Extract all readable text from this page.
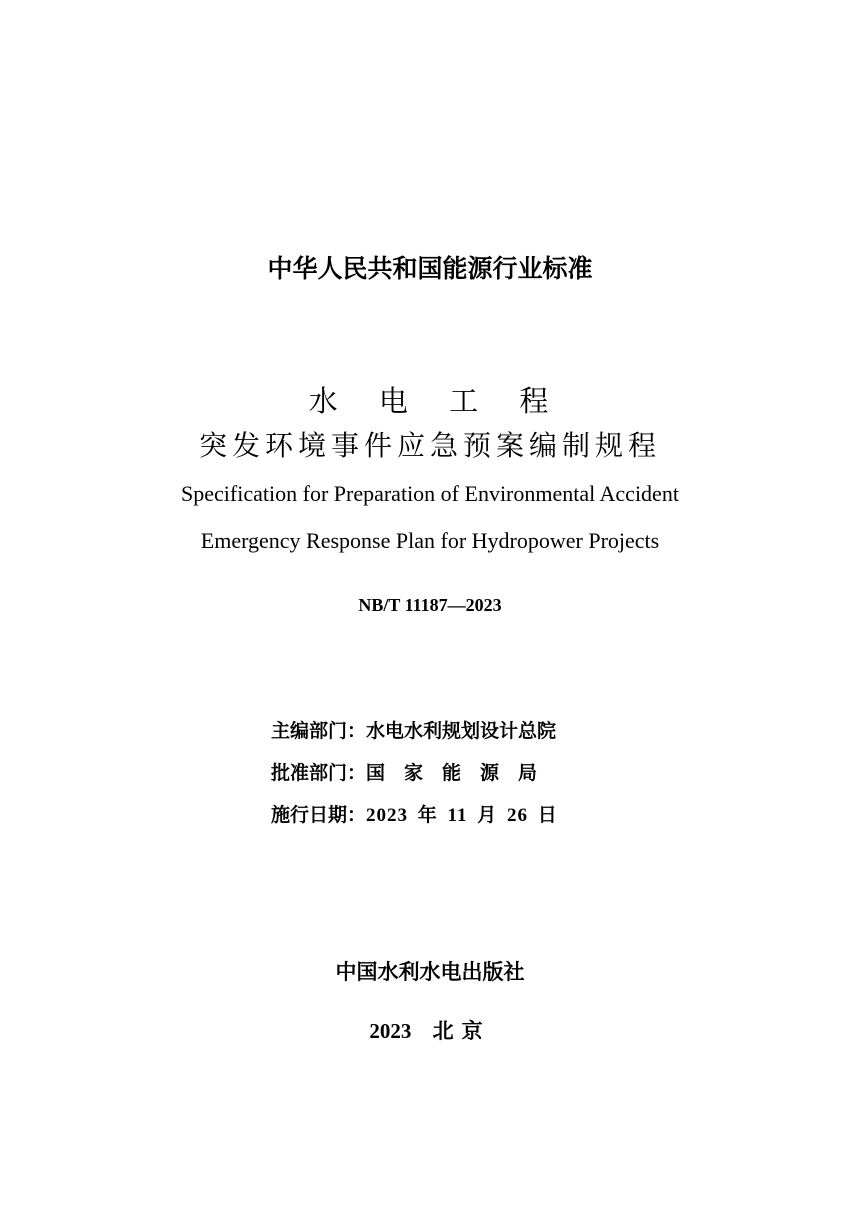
中华人民共和国能源行业标准
水 电 工 程
突发环境事件应急预案编制规程
Specification for Preparation of Environmental Accident
Emergency Response Plan for Hydropower Projects
NB/T 11187—2023
主编部门：水电水利规划设计总院
批准部门：国家能源局
施行日期：2023 年 11 月 26 日
中国水利水电出版社
2023 北京
